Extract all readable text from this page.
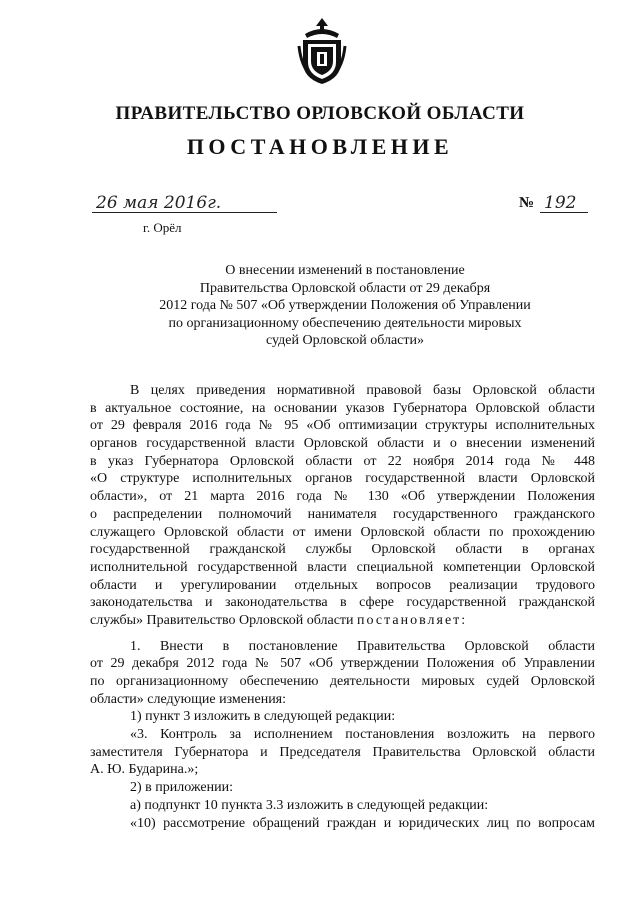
ПРАВИТЕЛЬСТВО ОРЛОВСКОЙ ОБЛАСТИ
ПОСТАНОВЛЕНИЕ
26 мая 2016г.
г. Орёл
№ 192
О внесении изменений в постановление
Правительства Орловской области от 29 декабря
2012 года № 507 «Об утверждении Положения об Управлении
по организационному обеспечению деятельности мировых
судей Орловской области»
В целях приведения нормативной правовой базы Орловской области
в актуальное состояние, на основании указов Губернатора Орловской области
от 29 февраля 2016 года № 95 «Об оптимизации структуры исполнительных
органов государственной власти Орловской области и о внесении изменений
в указ Губернатора Орловской области от 22 ноября 2014 года № 448
«О структуре исполнительных органов государственной власти Орловской
области», от 21 марта 2016 года № 130 «Об утверждении Положения
о распределении полномочий нанимателя государственного гражданского
служащего Орловской области от имени Орловской области по прохождению
государственной гражданской службы Орловской области в органах
исполнительной государственной власти специальной компетенции Орловской
области и урегулировании отдельных вопросов реализации трудового
законодательства и законодательства в сфере государственной гражданской
службы» Правительство Орловской области постановляет:
1. Внести в постановление Правительства Орловской области
от 29 декабря 2012 года № 507 «Об утверждении Положения об Управлении
по организационному обеспечению деятельности мировых судей Орловской
области» следующие изменения:
1) пункт 3 изложить в следующей редакции:
«3. Контроль за исполнением постановления возложить на первого
заместителя Губернатора и Председателя Правительства Орловской области
А. Ю. Бударина.»;
2) в приложении:
а) подпункт 10 пункта 3.3 изложить в следующей редакции:
«10) рассмотрение обращений граждан и юридических лиц по вопросам
